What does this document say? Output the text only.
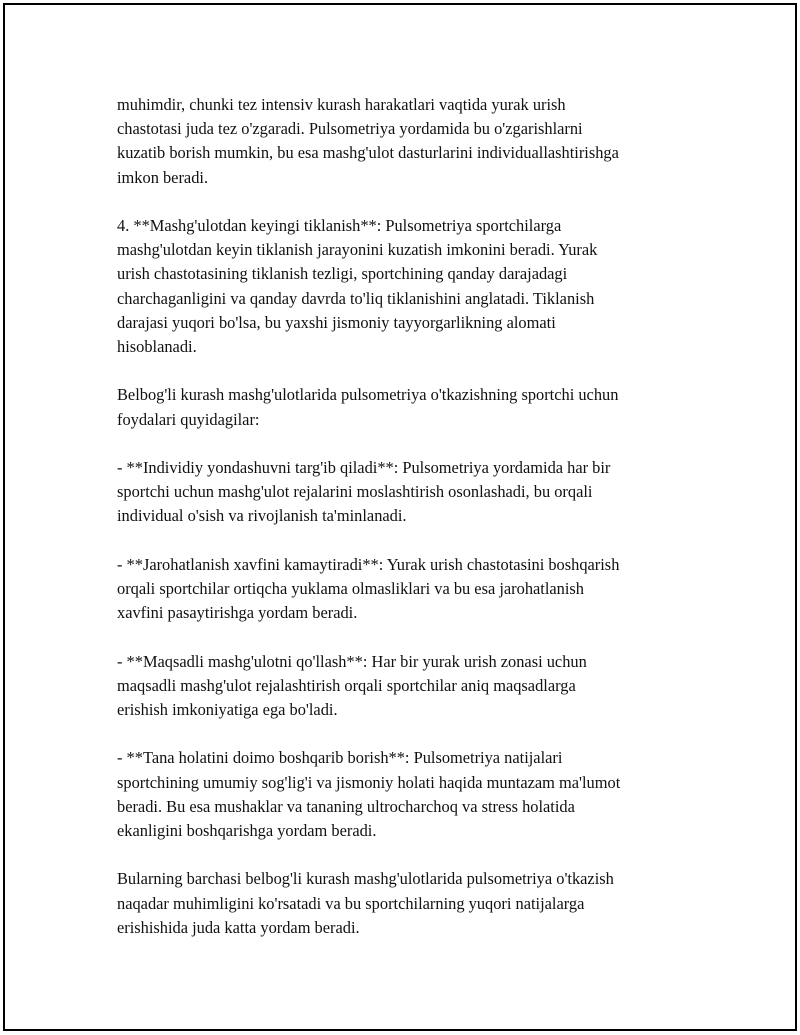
muhimdir, chunki tez intensiv kurash harakatlari vaqtida yurak urish
chastotasi juda tez o'zgaradi. Pulsometriya yordamida bu o'zgarishlarni
kuzatib borish mumkin, bu esa mashg'ulot dasturlarini individuallashtirishga
imkon beradi.

4. **Mashg'ulotdan keyingi tiklanish**: Pulsometriya sportchilarga
mashg'ulotdan keyin tiklanish jarayonini kuzatish imkonini beradi. Yurak
urish chastotasining tiklanish tezligi, sportchining qanday darajadagi
charchaganligini va qanday davrda to'liq tiklanishini anglatadi. Tiklanish
darajasi yuqori bo'lsa, bu yaxshi jismoniy tayyorgarlikning alomati
hisoblanadi.

Belbog'li kurash mashg'ulotlarida pulsometriya o'tkazishning sportchi uchun
foydalari quyidagilar:

- **Individiy yondashuvni targ'ib qiladi**: Pulsometriya yordamida har bir
sportchi uchun mashg'ulot rejalarini moslashtirish osonlashadi, bu orqali
individual o'sish va rivojlanish ta'minlanadi.

- **Jarohatlanish xavfini kamaytiradi**: Yurak urish chastotasini boshqarish
orqali sportchilar ortiqcha yuklama olmasliklari va bu esa jarohatlanish
xavfini pasaytirishga yordam beradi.

- **Maqsadli mashg'ulotni qo'llash**: Har bir yurak urish zonasi uchun
maqsadli mashg'ulot rejalashtirish orqali sportchilar aniq maqsadlarga
erishish imkoniyatiga ega bo'ladi.

- **Tana holatini doimo boshqarib borish**: Pulsometriya natijalari
sportchining umumiy sog'lig'i va jismoniy holati haqida muntazam ma'lumot
beradi. Bu esa mushaklar va tananing ultrocharchoq va stress holatida
ekanligini boshqarishga yordam beradi.

Bularning barchasi belbog'li kurash mashg'ulotlarida pulsometriya o'tkazish
naqadar muhimligini ko'rsatadi va bu sportchilarning yuqori natijalarga
erishishida juda katta yordam beradi.
